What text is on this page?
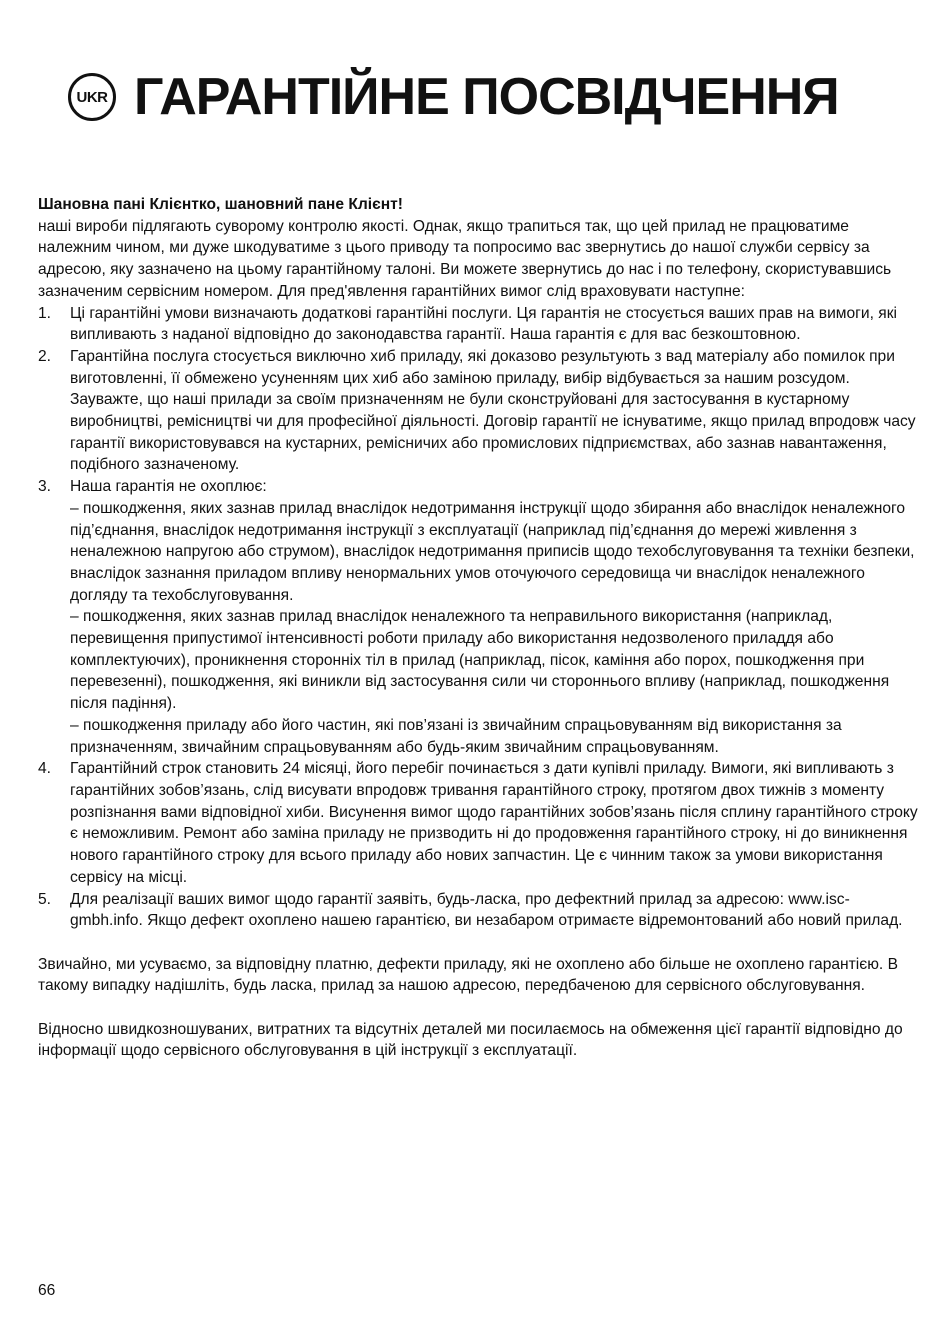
UKR ГАРАНТІЙНЕ ПОСВІДЧЕННЯ

Шановна пані Клієнтко, шановний пане Клієнт!

наші вироби підлягають суворому контролю якості. Однак, якщо трапиться так, що цей прилад не працюватиме належним чином, ми дуже шкодуватиме з цього приводу та попросимо вас звернутись до нашої служби сервісу за адресою, яку зазначено на цьому гарантійному талоні. Ви можете звернутись до нас і по телефону, скористувавшись зазначеним сервісним номером. Для пред'явлення гарантійних вимог слід враховувати наступне:

1. Ці гарантійні умови визначають додаткові гарантійні послуги. Ця гарантія не стосується ваших прав на вимоги, які випливають з наданої відповідно до законодавства гарантії. Наша гарантія є для вас безкоштовною.

2. Гарантійна послуга стосується виключно хиб приладу, які доказово результують з вад матеріалу або помилок при виготовленні, її обмежено усуненням цих хиб або заміною приладу, вибір відбувається за нашим розсудом.

Зауважте, що наші прилади за своїм призначенням не були сконструйовані для застосування в кустарному виробництві, ремісництві чи для професійної діяльності. Договір гарантії не існуватиме, якщо прилад впродовж часу гарантії використовувався на кустарних, ремісничих або промислових підприємствах, або зазнав навантаження, подібного зазначеному.

3. Наша гарантія не охоплює:

– пошкодження, яких зазнав прилад внаслідок недотримання інструкції щодо збирання або внаслідок неналежного під’єднання, внаслідок недотримання інструкції з експлуатації (наприклад під’єднання до мережі живлення з неналежною напругою або струмом), внаслідок недотримання приписів щодо техобслуговування та техніки безпеки, внаслідок зазнання приладом впливу ненормальних умов оточуючого середовища чи внаслідок неналежного догляду та техобслуговування.

– пошкодження, яких зазнав прилад внаслідок неналежного та неправильного використання (наприклад, перевищення припустимої інтенсивності роботи приладу або використання недозволеного приладдя або комплектуючих), проникнення сторонніх тіл в прилад (наприклад, пісок, каміння або порох, пошкодження при перевезенні), пошкодження, які виникли від застосування сили чи стороннього впливу (наприклад, пошкодження після падіння).

– пошкодження приладу або його частин, які пов’язані із звичайним спрацьовуванням від використання за призначенням, звичайним спрацьовуванням або будь-яким звичайним спрацьовуванням.

4. Гарантійний строк становить 24 місяці, його перебіг починається з дати купівлі приладу. Вимоги, які випливають з гарантійних зобов’язань, слід висувати впродовж тривання гарантійного строку, протягом двох тижнів з моменту розпізнання вами відповідної хиби. Висунення вимог щодо гарантійних зобов’язань після сплину гарантійного строку є неможливим. Ремонт або заміна приладу не призводить ні до продовження гарантійного строку, ні до виникнення нового гарантійного строку для всього приладу або нових запчастин. Це є чинним також за умови використання сервісу на місці.

5. Для реалізації ваших вимог щодо гарантії заявіть, будь-ласка, про дефектний прилад за адресою: www.isc-gmbh.info. Якщо дефект охоплено нашею гарантією, ви незабаром отримаєте відремонтований або новий прилад.

Звичайно, ми усуваємо, за відповідну платню, дефекти приладу, які не охоплено або більше не охоплено гарантією. В такому випадку надішліть, будь ласка, прилад за нашою адресою, передбаченою для сервісного обслуговування.

Відносно швидкозношуваних, витратних та відсутніх деталей ми посилаємось на обмеження цієї гарантії відповідно до інформації щодо сервісного обслуговування в цій інструкції з експлуатації.

66
